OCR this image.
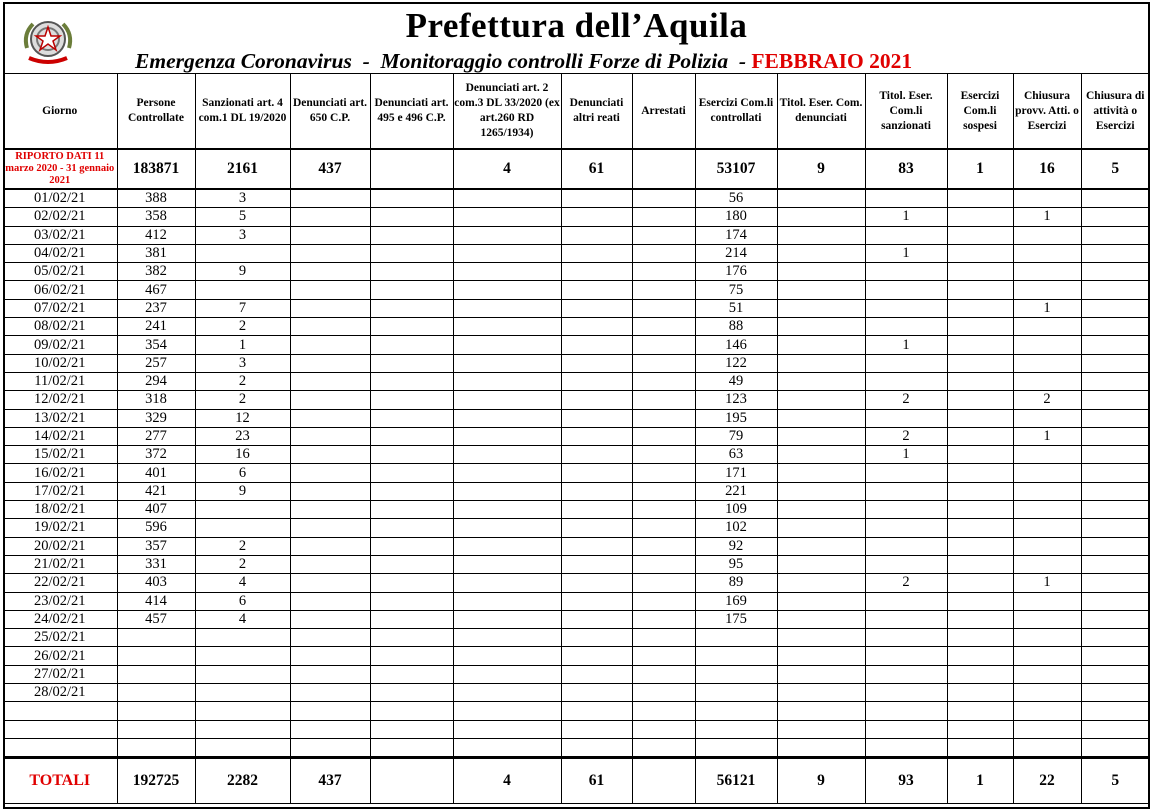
Prefettura dell’Aquila
Emergenza Coronavirus  -  Monitoraggio controlli Forze di Polizia  - FEBBRAIO 2021
Giorno	Persone Controllate	Sanzionati art. 4 com.1 DL 19/2020	Denunciati art. 650 C.P.	Denunciati art. 495 e 496 C.P.	Denunciati art. 2 com.3 DL 33/2020 (ex art.260 RD 1265/1934)	Denunciati altri reati	Arrestati	Esercizi Com.li controllati	Titol. Eser. Com. denunciati	Titol. Eser. Com.li sanzionati	Esercizi Com.li sospesi	Chiusura provv. Atti. o Esercizi	Chiusura di attività o Esercizi
RIPORTO DATI 11 marzo 2020 - 31 gennaio 2021	183871	2161	437		4	61		53107	9	83	1	16	5
01/02/21	388	3						56					
02/02/21	358	5						180		1		1	
03/02/21	412	3						174					
04/02/21	381							214		1			
05/02/21	382	9						176					
06/02/21	467							75					
07/02/21	237	7						51				1	
08/02/21	241	2						88					
09/02/21	354	1						146		1			
10/02/21	257	3						122					
11/02/21	294	2						49					
12/02/21	318	2						123		2		2	
13/02/21	329	12						195					
14/02/21	277	23						79		2		1	
15/02/21	372	16						63		1			
16/02/21	401	6						171					
17/02/21	421	9						221					
18/02/21	407							109					
19/02/21	596							102					
20/02/21	357	2						92					
21/02/21	331	2						95					
22/02/21	403	4						89		2		1	
23/02/21	414	6						169					
24/02/21	457	4						175					
25/02/21													
26/02/21													
27/02/21													
28/02/21													

TOTALI	192725	2282	437		4	61		56121	9	93	1	22	5
